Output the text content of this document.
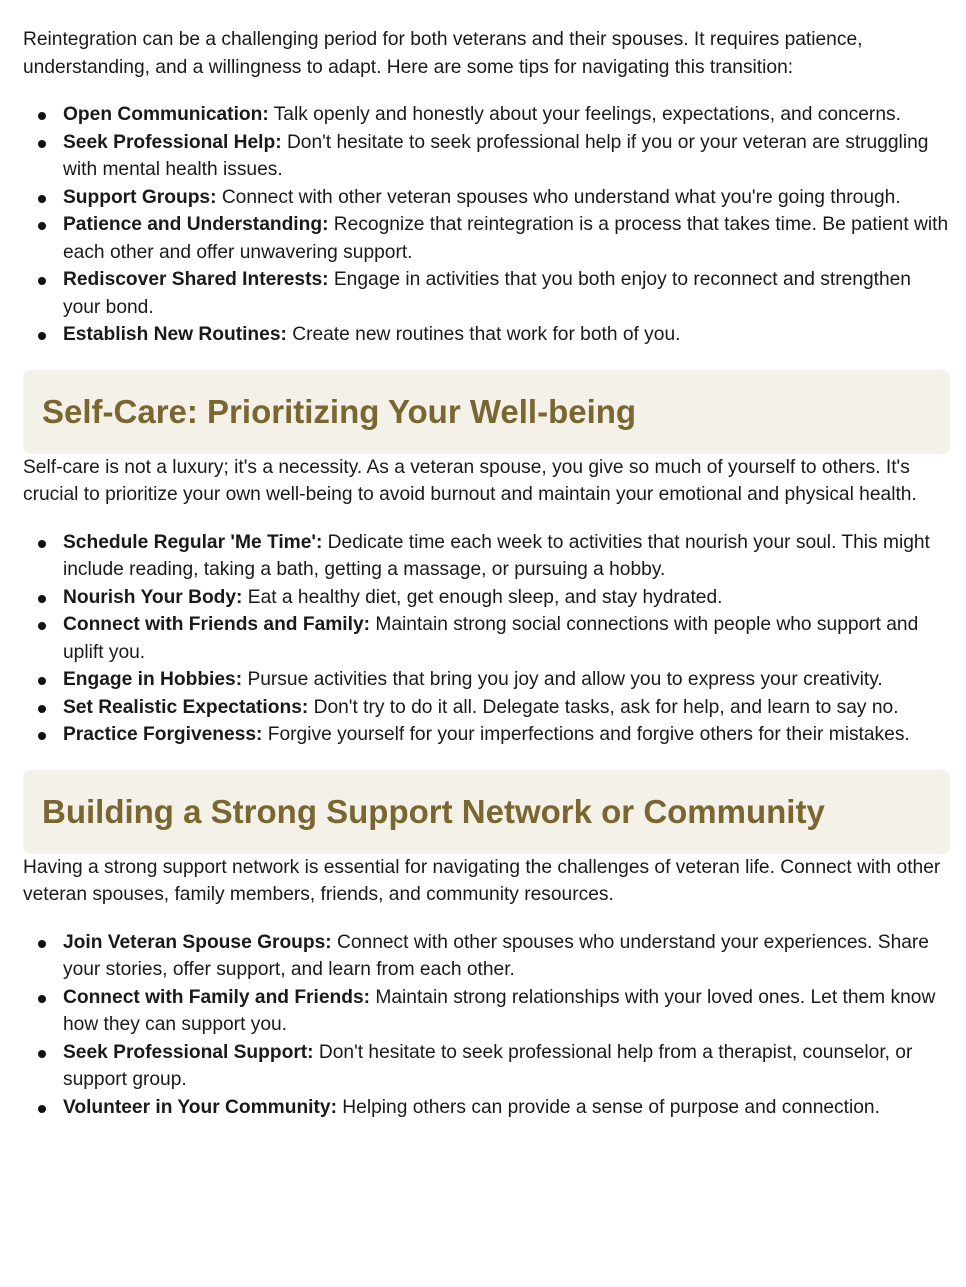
Reintegration can be a challenging period for both veterans and their spouses. It requires patience, understanding, and a willingness to adapt. Here are some tips for navigating this transition:

Open Communication: Talk openly and honestly about your feelings, expectations, and concerns.
Seek Professional Help: Don't hesitate to seek professional help if you or your veteran are struggling with mental health issues.
Support Groups: Connect with other veteran spouses who understand what you're going through.
Patience and Understanding: Recognize that reintegration is a process that takes time. Be patient with each other and offer unwavering support.
Rediscover Shared Interests: Engage in activities that you both enjoy to reconnect and strengthen your bond.
Establish New Routines: Create new routines that work for both of you.
Self-Care: Prioritizing Your Well-being

Self-care is not a luxury; it's a necessity. As a veteran spouse, you give so much of yourself to others. It's crucial to prioritize your own well-being to avoid burnout and maintain your emotional and physical health.

Schedule Regular 'Me Time': Dedicate time each week to activities that nourish your soul. This might include reading, taking a bath, getting a massage, or pursuing a hobby.
Nourish Your Body: Eat a healthy diet, get enough sleep, and stay hydrated.
Connect with Friends and Family: Maintain strong social connections with people who support and uplift you.
Engage in Hobbies: Pursue activities that bring you joy and allow you to express your creativity.
Set Realistic Expectations: Don't try to do it all. Delegate tasks, ask for help, and learn to say no.
Practice Forgiveness: Forgive yourself for your imperfections and forgive others for their mistakes.
Building a Strong Support Network or Community

Having a strong support network is essential for navigating the challenges of veteran life. Connect with other veteran spouses, family members, friends, and community resources.

Join Veteran Spouse Groups: Connect with other spouses who understand your experiences. Share your stories, offer support, and learn from each other.
Connect with Family and Friends: Maintain strong relationships with your loved ones. Let them know how they can support you.
Seek Professional Support: Don't hesitate to seek professional help from a therapist, counselor, or support group.
Volunteer in Your Community: Helping others can provide a sense of purpose and connection.
